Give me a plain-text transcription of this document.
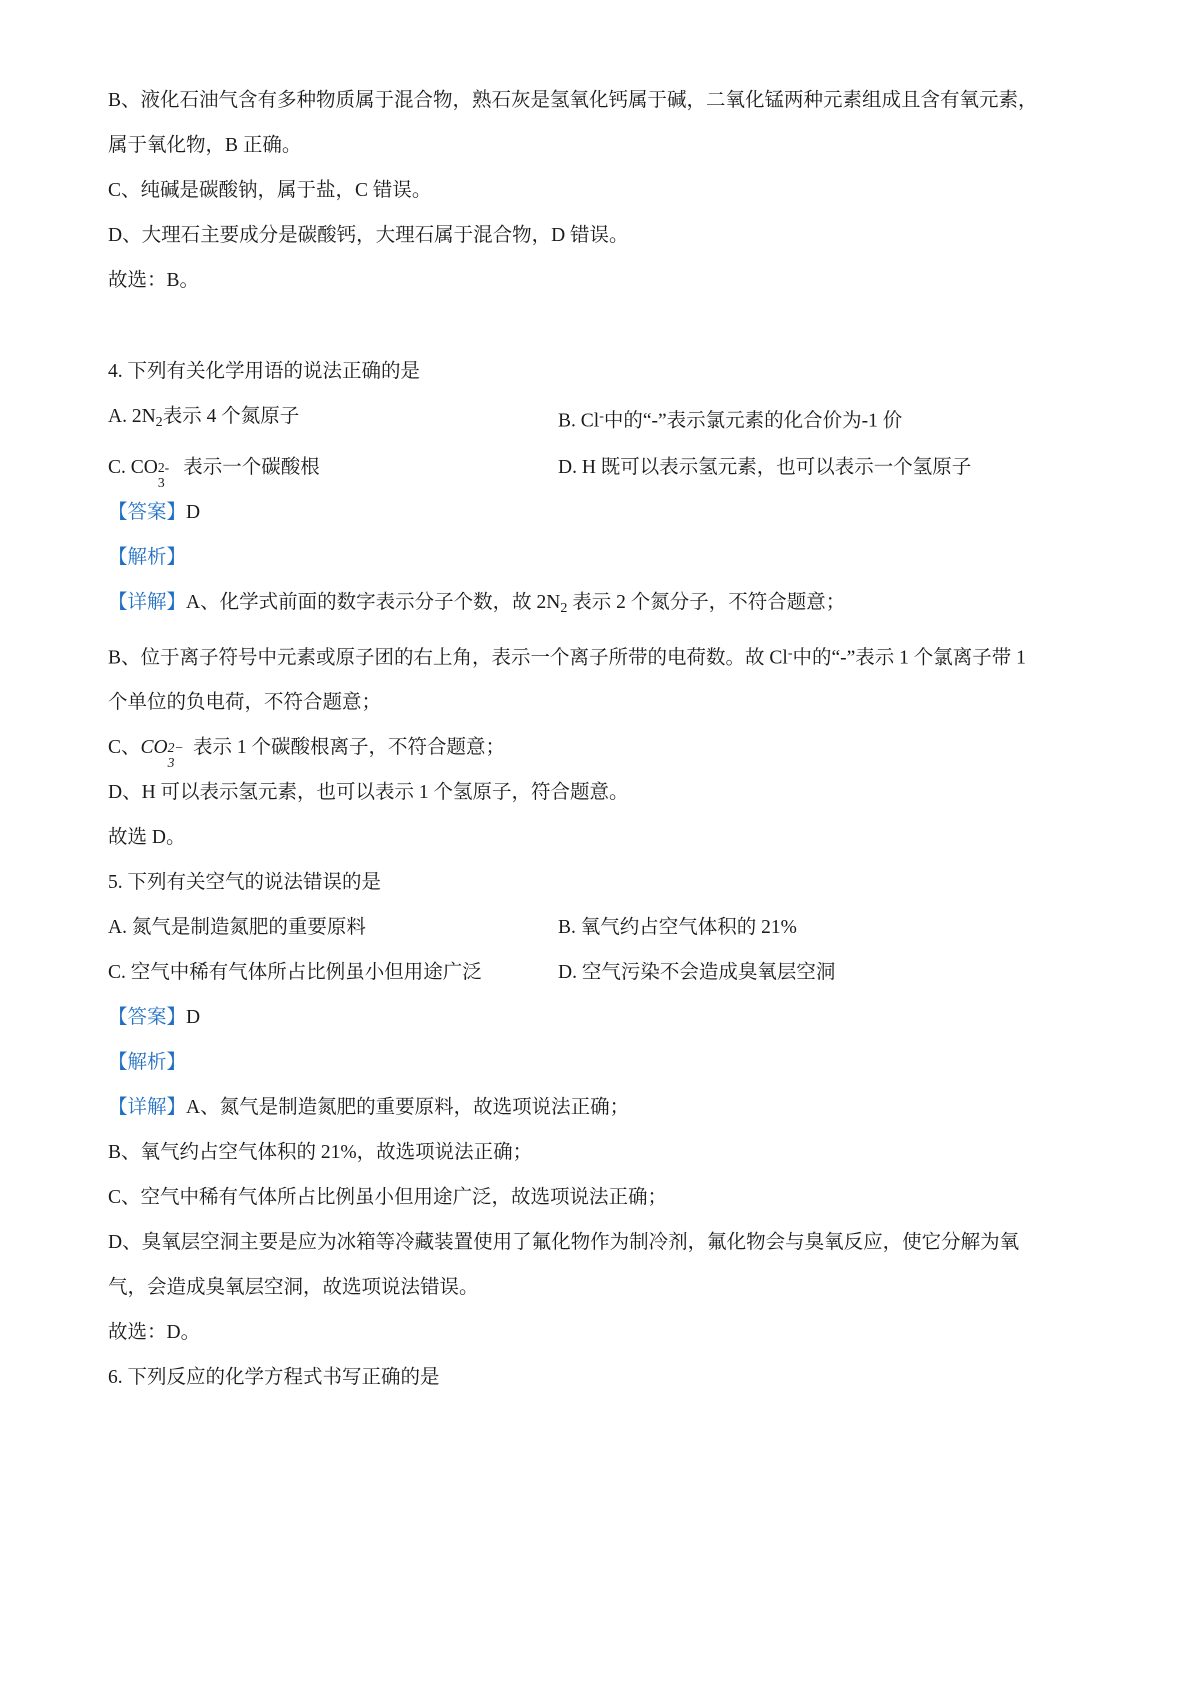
B、液化石油气含有多种物质属于混合物，熟石灰是氢氧化钙属于碱，二氧化锰两种元素组成且含有氧元素，
属于氧化物，B 正确。
C、纯碱是碳酸钠，属于盐，C 错误。
D、大理石主要成分是碳酸钙，大理石属于混合物，D 错误。
故选：B。
4. 下列有关化学用语的说法正确的是
A. $2N_2$表示 4 个氮原子	B. Cl-中的“-”表示氯元素的化合价为-1 价
C. CO 2-
3
表示一个碳酸根	D. H 既可以表示氢元素，也可以表示一个氢原子
【答案】D
【解析】
【详解】A、化学式前面的数字表示分子个数，故 $2N_2$ 表示 2 个氮分子，不符合题意；
B、位于离子符号中元素或原子团的右上角，表示一个离子所带的电荷数。故 Cl-中的“-”表示 1 个氯离子带 1
个单位的负电荷，不符合题意；
C、CO 2−
3
表示 1 个碳酸根离子，不符合题意；
D、H 可以表示氢元素，也可以表示 1 个氢原子，符合题意。
故选 D。
5. 下列有关空气的说法错误的是
A. 氮气是制造氮肥的重要原料	B. 氧气约占空气体积的 21%
C. 空气中稀有气体所占比例虽小但用途广泛	D. 空气污染不会造成臭氧层空洞
【答案】D
【解析】
【详解】A、氮气是制造氮肥的重要原料，故选项说法正确；
B、氧气约占空气体积的 21%，故选项说法正确；
C、空气中稀有气体所占比例虽小但用途广泛，故选项说法正确；
D、臭氧层空洞主要是应为冰箱等冷藏装置使用了氟化物作为制冷剂，氟化物会与臭氧反应，使它分解为氧
气，会造成臭氧层空洞，故选项说法错误。
故选：D。
6. 下列反应的化学方程式书写正确的是
